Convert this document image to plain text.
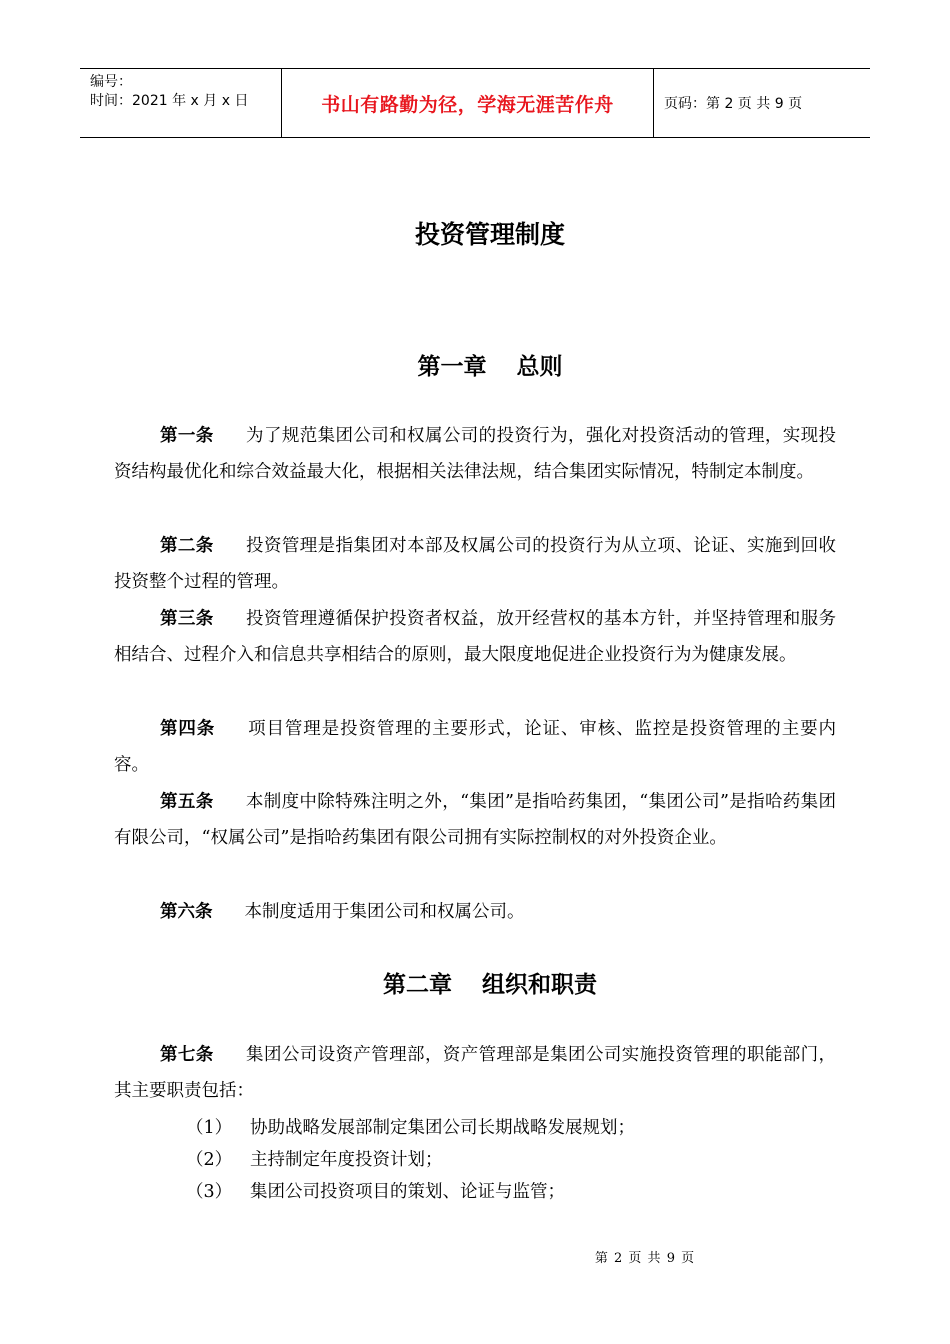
编号：
时间：2021 年 x 月 x 日	书山有路勤为径，学海无涯苦作舟	页码：第 2 页 共 9 页
投资管理制度
第一章 总则
第一条 为了规范集团公司和权属公司的投资行为，强化对投资活动的管理，实现投资结构最优化和综合效益最大化，根据相关法律法规，结合集团实际情况，特制定本制度。
第二条 投资管理是指集团对本部及权属公司的投资行为从立项、论证、实施到回收投资整个过程的管理。
第三条 投资管理遵循保护投资者权益，放开经营权的基本方针，并坚持管理和服务相结合、过程介入和信息共享相结合的原则，最大限度地促进企业投资行为为健康发展。
第四条 项目管理是投资管理的主要形式，论证、审核、监控是投资管理的主要内容。
第五条 本制度中除特殊注明之外，“集团”是指哈药集团，“集团公司”是指哈药集团有限公司，“权属公司”是指哈药集团有限公司拥有实际控制权的对外投资企业。
第六条 本制度适用于集团公司和权属公司。
第二章 组织和职责
第七条 集团公司设资产管理部，资产管理部是集团公司实施投资管理的职能部门，其主要职责包括：
（1） 协助战略发展部制定集团公司长期战略发展规划；
（2） 主持制定年度投资计划；
（3） 集团公司投资项目的策划、论证与监管；
第 2 页 共 9 页
